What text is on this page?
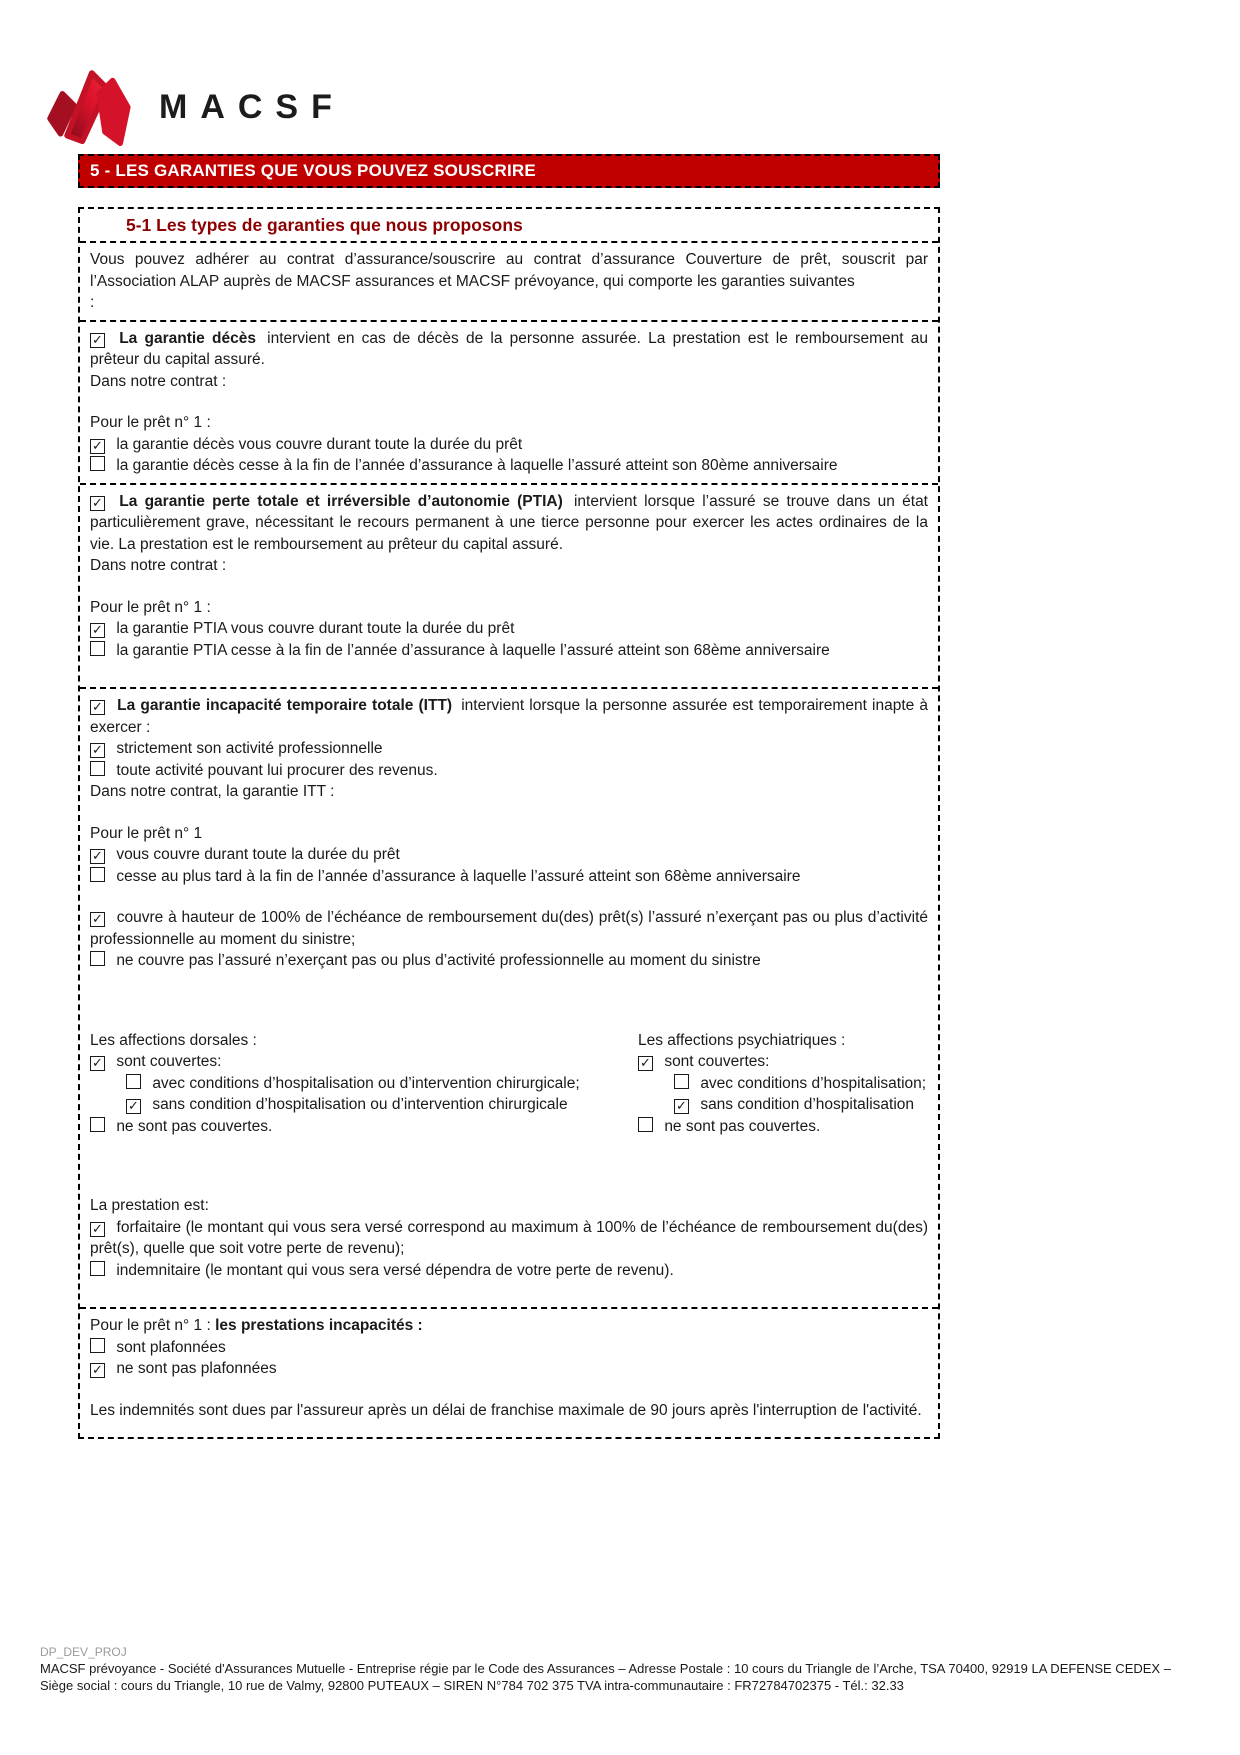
MACSF
5 - LES GARANTIES QUE VOUS POUVEZ SOUSCRIRE
5-1 Les types de garanties que nous proposons

Vous pouvez adhérer au contrat d’assurance/souscrire au contrat d’assurance Couverture de prêt, souscrit par l’Association ALAP auprès de MACSF assurances et MACSF prévoyance, qui comporte les garanties suivantes

:

✓ La garantie décès intervient en cas de décès de la personne assurée. La prestation est le remboursement au prêteur du capital assuré.

Dans notre contrat :

Pour le prêt n° 1 :

✓ la garantie décès vous couvre durant toute la durée du prêt

la garantie décès cesse à la fin de l’année d’assurance à laquelle l’assuré atteint son 80ème anniversaire

✓ La garantie perte totale et irréversible d’autonomie (PTIA) intervient lorsque l’assuré se trouve dans un état particulièrement grave, nécessitant le recours permanent à une tierce personne pour exercer les actes ordinaires de la vie. La prestation est le remboursement au prêteur du capital assuré.

Dans notre contrat :

Pour le prêt n° 1 :

✓ la garantie PTIA vous couvre durant toute la durée du prêt

la garantie PTIA cesse à la fin de l’année d’assurance à laquelle l’assuré atteint son 68ème anniversaire

✓ La garantie incapacité temporaire totale (ITT) intervient lorsque la personne assurée est temporairement inapte à exercer :

✓ strictement son activité professionnelle

toute activité pouvant lui procurer des revenus.

Dans notre contrat, la garantie ITT :

Pour le prêt n° 1

✓ vous couvre durant toute la durée du prêt

cesse au plus tard à la fin de l’année d’assurance à laquelle l’assuré atteint son 68ème anniversaire

✓ couvre à hauteur de 100% de l’échéance de remboursement du(des) prêt(s) l’assuré n’exerçant pas ou plus d’activité professionnelle au moment du sinistre;

ne couvre pas l’assuré n’exerçant pas ou plus d’activité professionnelle au moment du sinistre

Les affections dorsales :

✓ sont couvertes:

avec conditions d’hospitalisation ou d’intervention chirurgicale;

✓ sans condition d’hospitalisation ou d’intervention chirurgicale

ne sont pas couvertes.

Les affections psychiatriques :

✓ sont couvertes:

avec conditions d’hospitalisation;

✓ sans condition d’hospitalisation

ne sont pas couvertes.

La prestation est:

✓ forfaitaire (le montant qui vous sera versé correspond au maximum à 100% de l’échéance de remboursement du(des) prêt(s), quelle que soit votre perte de revenu);

indemnitaire (le montant qui vous sera versé dépendra de votre perte de revenu).

Pour le prêt n° 1 : les prestations incapacités :

sont plafonnées

✓ ne sont pas plafonnées

Les indemnités sont dues par l'assureur après un délai de franchise maximale de 90 jours après l'interruption de l'activité.

DP_DEV_PROJ
MACSF prévoyance - Société d'Assurances Mutuelle - Entreprise régie par le Code des Assurances – Adresse Postale : 10 cours du Triangle de l’Arche, TSA 70400, 92919 LA DEFENSE CEDEX – Siège social : cours du Triangle, 10 rue de Valmy, 92800 PUTEAUX – SIREN N°784 702 375 TVA intra-communautaire : FR72784702375 - Tél.: 32.33
